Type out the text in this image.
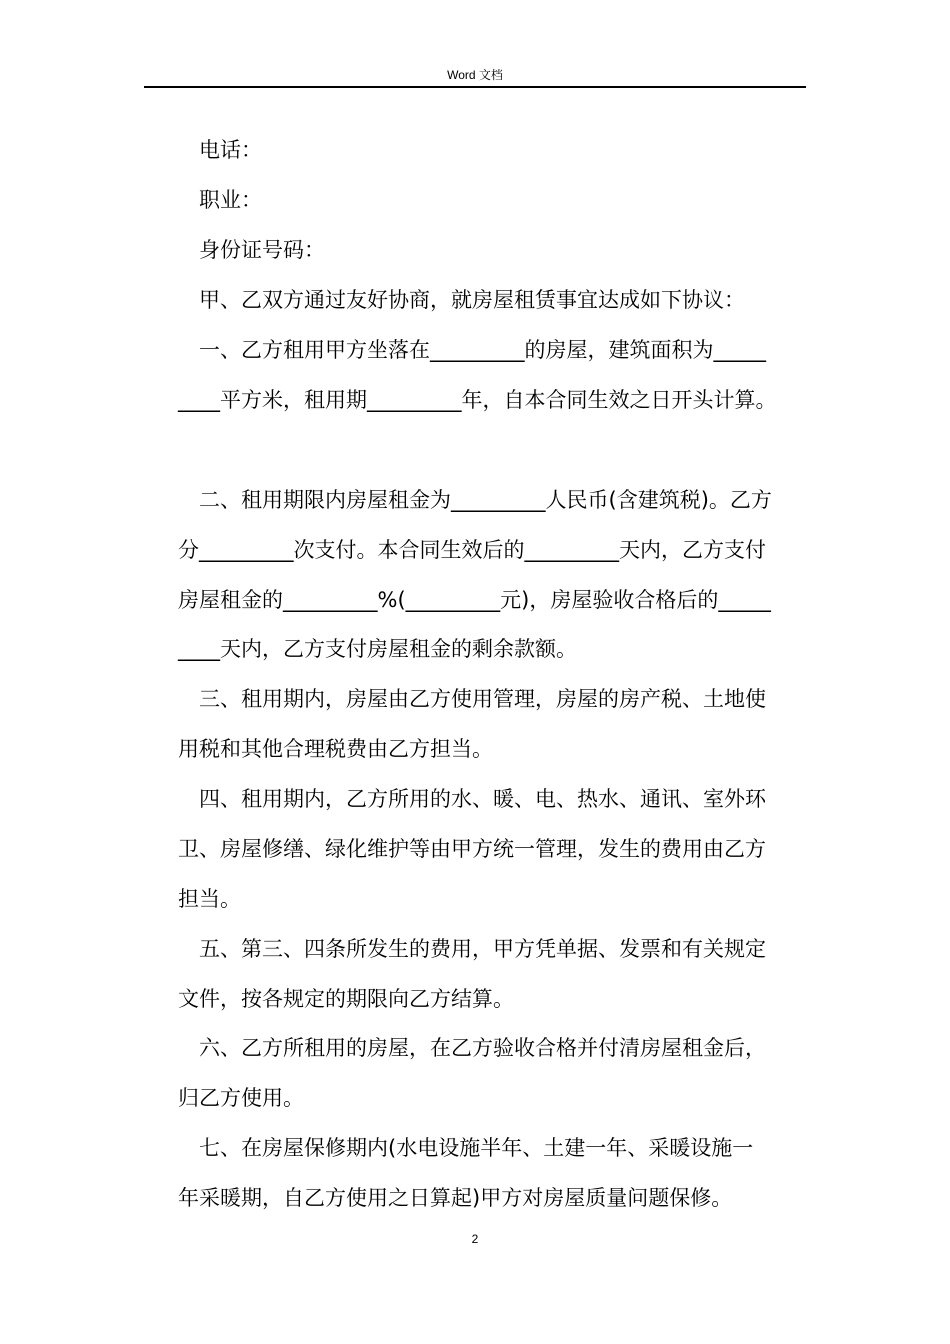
Word 文档
电话：
职业：
身份证号码：
甲、乙双方通过友好协商，就房屋租赁事宜达成如下协议：
一、乙方租用甲方坐落在_________的房屋，建筑面积为_____
____平方米，租用期_________年，自本合同生效之日开头计算。
二、租用期限内房屋租金为_________人民币(含建筑税)。乙方
分_________次支付。本合同生效后的_________天内，乙方支付
房屋租金的_________%(_________元)，房屋验收合格后的_____
____天内，乙方支付房屋租金的剩余款额。
三、租用期内，房屋由乙方使用管理，房屋的房产税、土地使
用税和其他合理税费由乙方担当。
四、租用期内，乙方所用的水、暖、电、热水、通讯、室外环
卫、房屋修缮、绿化维护等由甲方统一管理，发生的费用由乙方
担当。
五、第三、四条所发生的费用，甲方凭单据、发票和有关规定
文件，按各规定的期限向乙方结算。
六、乙方所租用的房屋，在乙方验收合格并付清房屋租金后，
归乙方使用。
七、在房屋保修期内(水电设施半年、土建一年、采暖设施一
年采暖期，自乙方使用之日算起)甲方对房屋质量问题保修。
2
